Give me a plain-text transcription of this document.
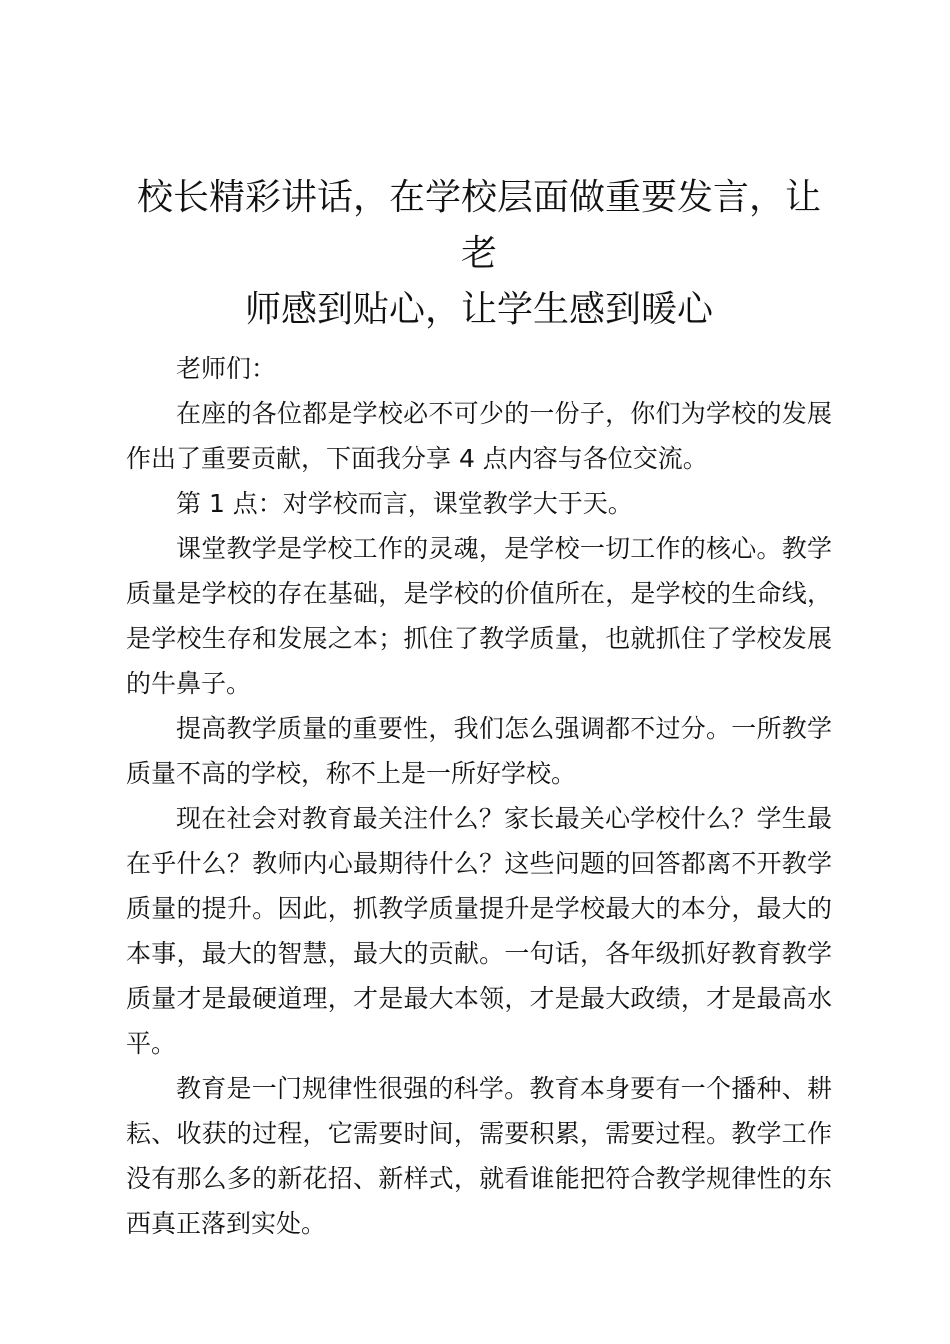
校长精彩讲话，在学校层面做重要发言，让老
师感到贴心，让学生感到暖心

老师们：

在座的各位都是学校必不可少的一份子，你们为学校的发展作出了重要贡献，下面我分享 4 点内容与各位交流。

第 1 点：对学校而言，课堂教学大于天。

课堂教学是学校工作的灵魂，是学校一切工作的核心。教学质量是学校的存在基础，是学校的价值所在，是学校的生命线，是学校生存和发展之本；抓住了教学质量，也就抓住了学校发展的牛鼻子。

提高教学质量的重要性，我们怎么强调都不过分。一所教学质量不高的学校，称不上是一所好学校。

现在社会对教育最关注什么？家长最关心学校什么？学生最在乎什么？教师内心最期待什么？这些问题的回答都离不开教学质量的提升。因此，抓教学质量提升是学校最大的本分，最大的本事，最大的智慧，最大的贡献。一句话，各年级抓好教育教学质量才是最硬道理，才是最大本领，才是最大政绩，才是最高水平。

教育是一门规律性很强的科学。教育本身要有一个播种、耕耘、收获的过程，它需要时间，需要积累，需要过程。教学工作没有那么多的新花招、新样式，就看谁能把符合教学规律性的东西真正落到实处。
